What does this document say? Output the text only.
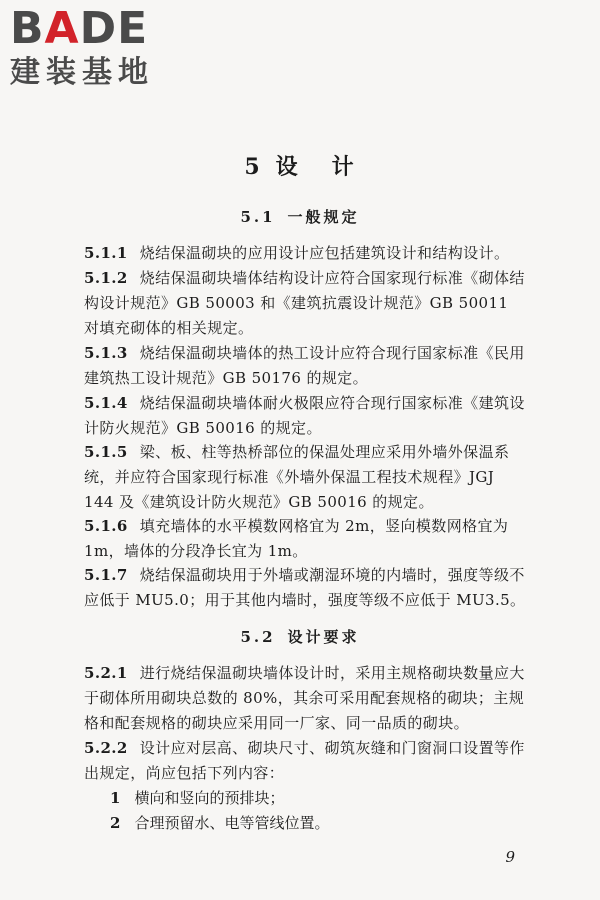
BADE
建装基地
5 设 计
5.1 一般规定
5.1.1 烧结保温砌块的应用设计应包括建筑设计和结构设计。
5.1.2 烧结保温砌块墙体结构设计应符合国家现行标准《砌体结构设计规范》GB 50003 和《建筑抗震设计规范》GB 50011 对填充砌体的相关规定。
5.1.3 烧结保温砌块墙体的热工设计应符合现行国家标准《民用建筑热工设计规范》GB 50176 的规定。
5.1.4 烧结保温砌块墙体耐火极限应符合现行国家标准《建筑设计防火规范》GB 50016 的规定。
5.1.5 梁、板、柱等热桥部位的保温处理应采用外墙外保温系统，并应符合国家现行标准《外墙外保温工程技术规程》JGJ 144 及《建筑设计防火规范》GB 50016 的规定。
5.1.6 填充墙体的水平模数网格宜为 2m，竖向模数网格宜为 1m，墙体的分段净长宜为 1m。
5.1.7 烧结保温砌块用于外墙或潮湿环境的内墙时，强度等级不应低于 MU5.0；用于其他内墙时，强度等级不应低于 MU3.5。
5.2 设计要求
5.2.1 进行烧结保温砌块墙体设计时，采用主规格砌块数量应大于砌体所用砌块总数的 80%，其余可采用配套规格的砌块；主规格和配套规格的砌块应采用同一厂家、同一品质的砌块。
5.2.2 设计应对层高、砌块尺寸、砌筑灰缝和门窗洞口设置等作出规定，尚应包括下列内容：
1 横向和竖向的预排块；
2 合理预留水、电等管线位置。
9
